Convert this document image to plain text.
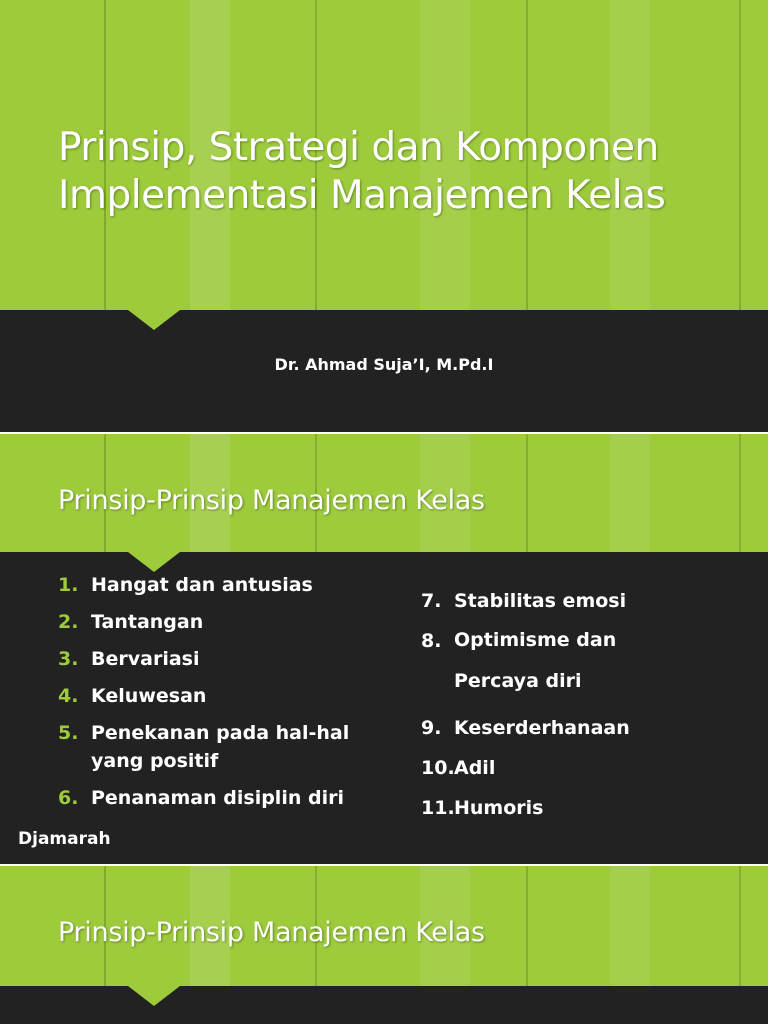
Prinsip, Strategi dan Komponen Implementasi Manajemen Kelas
Dr. Ahmad Suja’I, M.Pd.I
Prinsip-Prinsip Manajemen Kelas
1. Hangat dan antusias
2. Tantangan
3. Bervariasi
4. Keluwesan
5. Penekanan pada hal-hal yang positif
6. Penanaman disiplin diri
7. Stabilitas emosi
8. Optimisme dan Percaya diri
9. Keserderhanaan
10. Adil
11. Humoris
Djamarah
Prinsip-Prinsip Manajemen Kelas
